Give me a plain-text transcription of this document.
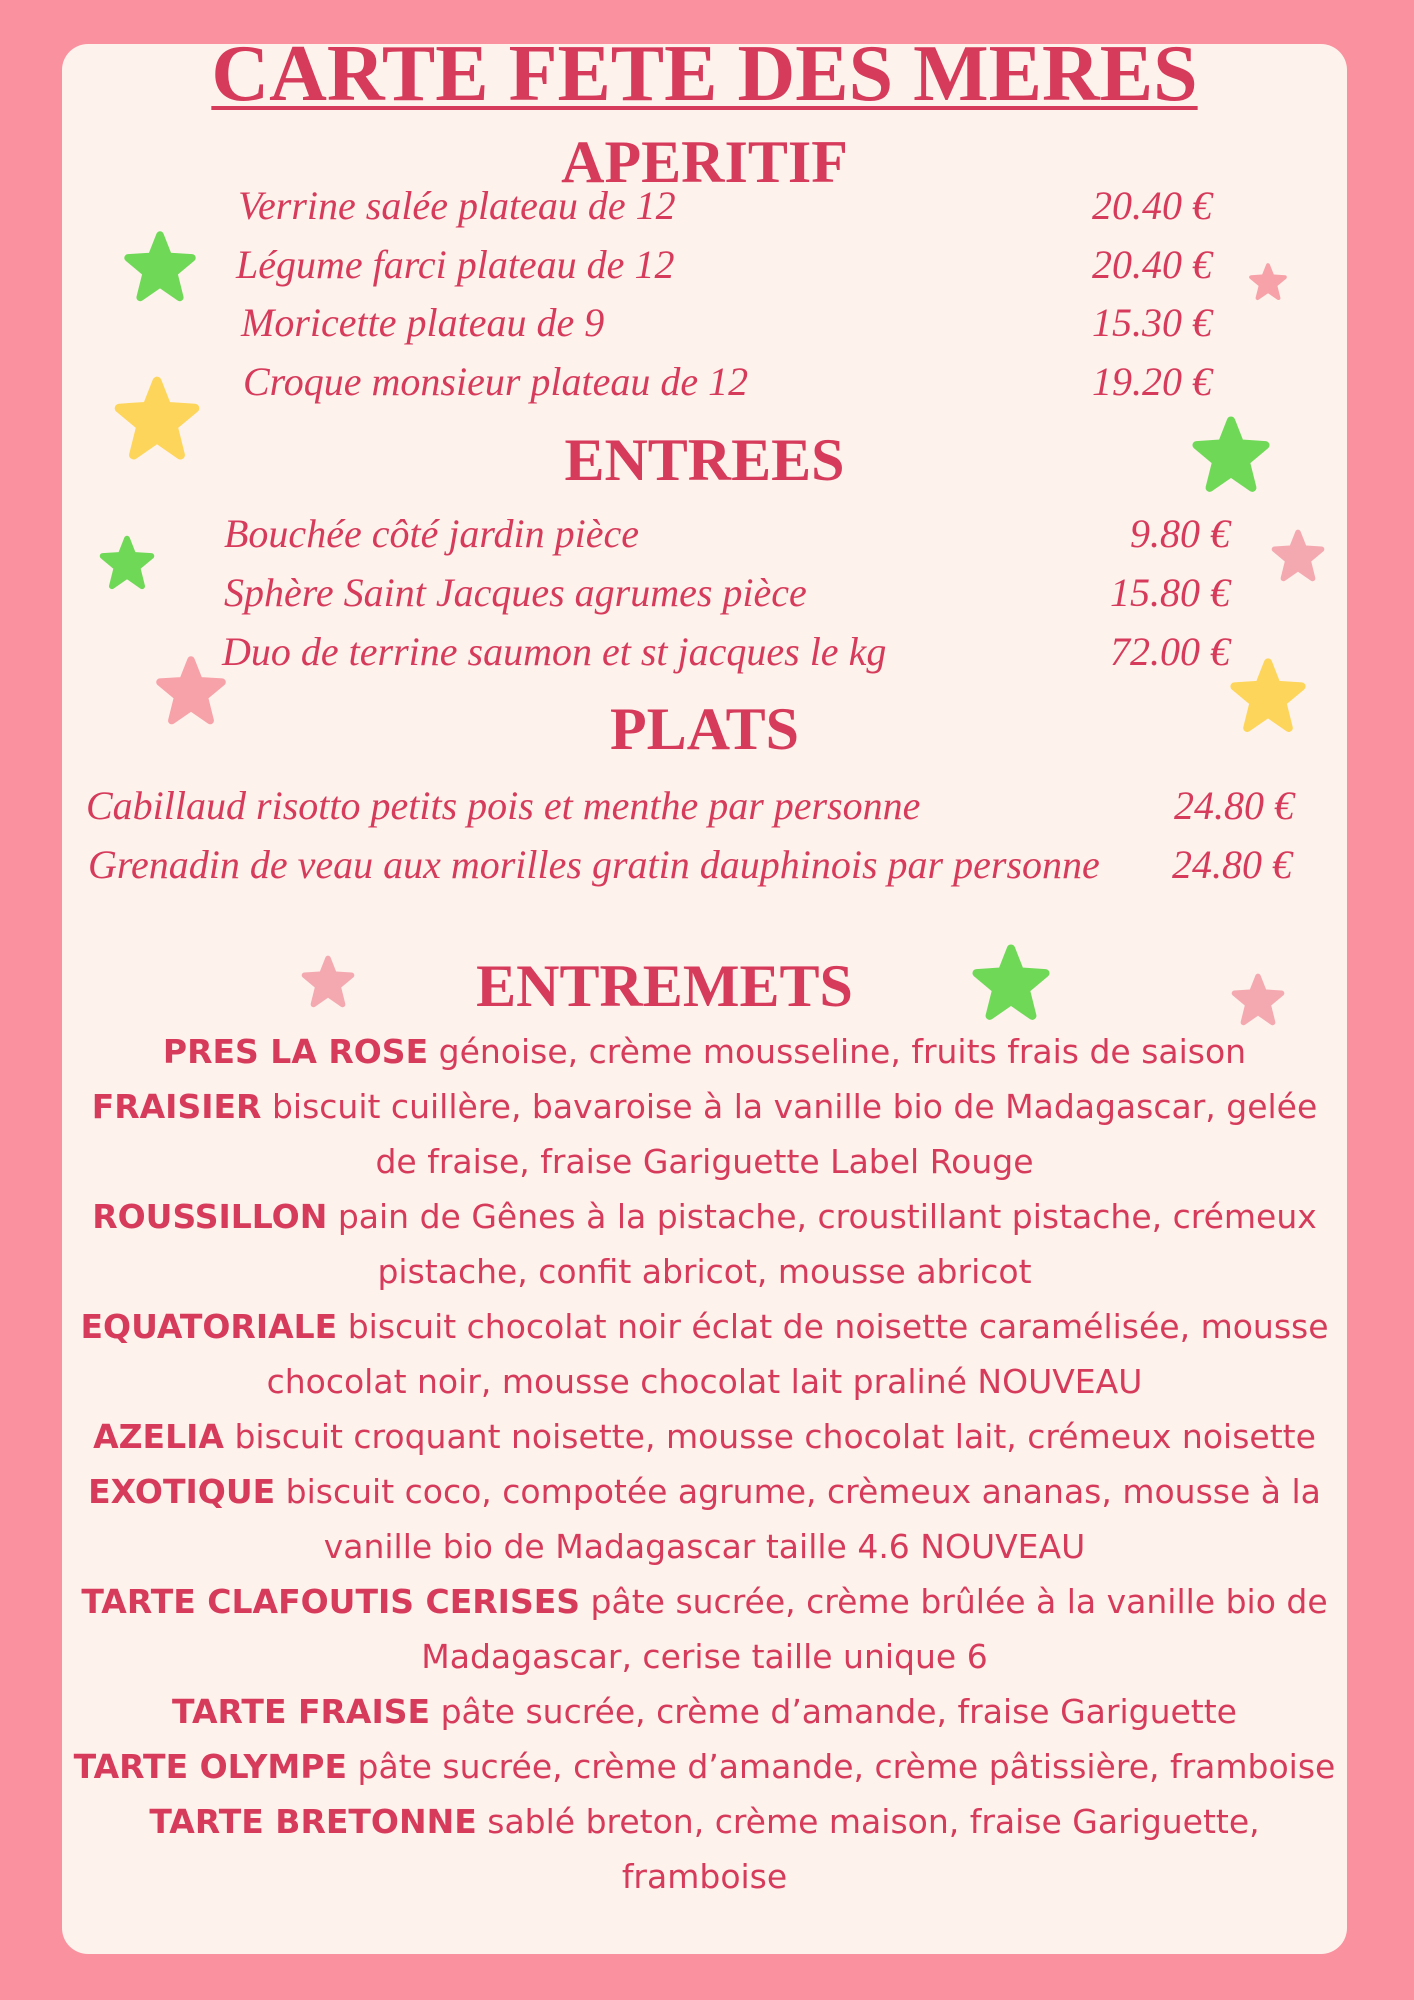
CARTE FETE DES MERES
APERITIF
Verrine salée plateau de 12	20.40 €
Légume farci plateau de 12	20.40 €
Moricette plateau de 9	15.30 €
Croque monsieur plateau de 12	19.20 €
ENTREES
Bouchée côté jardin pièce	9.80 €
Sphère Saint Jacques agrumes pièce	15.80 €
Duo de terrine saumon et st jacques le kg	72.00 €
PLATS
Cabillaud risotto petits pois et menthe par personne	24.80 €
Grenadin de veau aux morilles gratin dauphinois par personne 24.80 €
ENTREMETS
PRES LA ROSE génoise, crème mousseline, fruits frais de saison
FRAISIER biscuit cuillère, bavaroise à la vanille bio de Madagascar, gelée de fraise, fraise Gariguette Label Rouge
ROUSSILLON pain de Gênes à la pistache, croustillant pistache, crémeux pistache, confit abricot, mousse abricot
EQUATORIALE biscuit chocolat noir éclat de noisette caramélisée, mousse chocolat noir, mousse chocolat lait praliné NOUVEAU
AZELIA biscuit croquant noisette, mousse chocolat lait, crémeux noisette
EXOTIQUE biscuit coco, compotée agrume, crèmeux ananas, mousse à la vanille bio de Madagascar taille 4.6 NOUVEAU
TARTE CLAFOUTIS CERISES pâte sucrée, crème brûlée à la vanille bio de Madagascar, cerise taille unique 6
TARTE FRAISE pâte sucrée, crème d’amande, fraise Gariguette
TARTE OLYMPE pâte sucrée, crème d’amande, crème pâtissière, framboise
TARTE BRETONNE sablé breton, crème maison, fraise Gariguette, framboise
